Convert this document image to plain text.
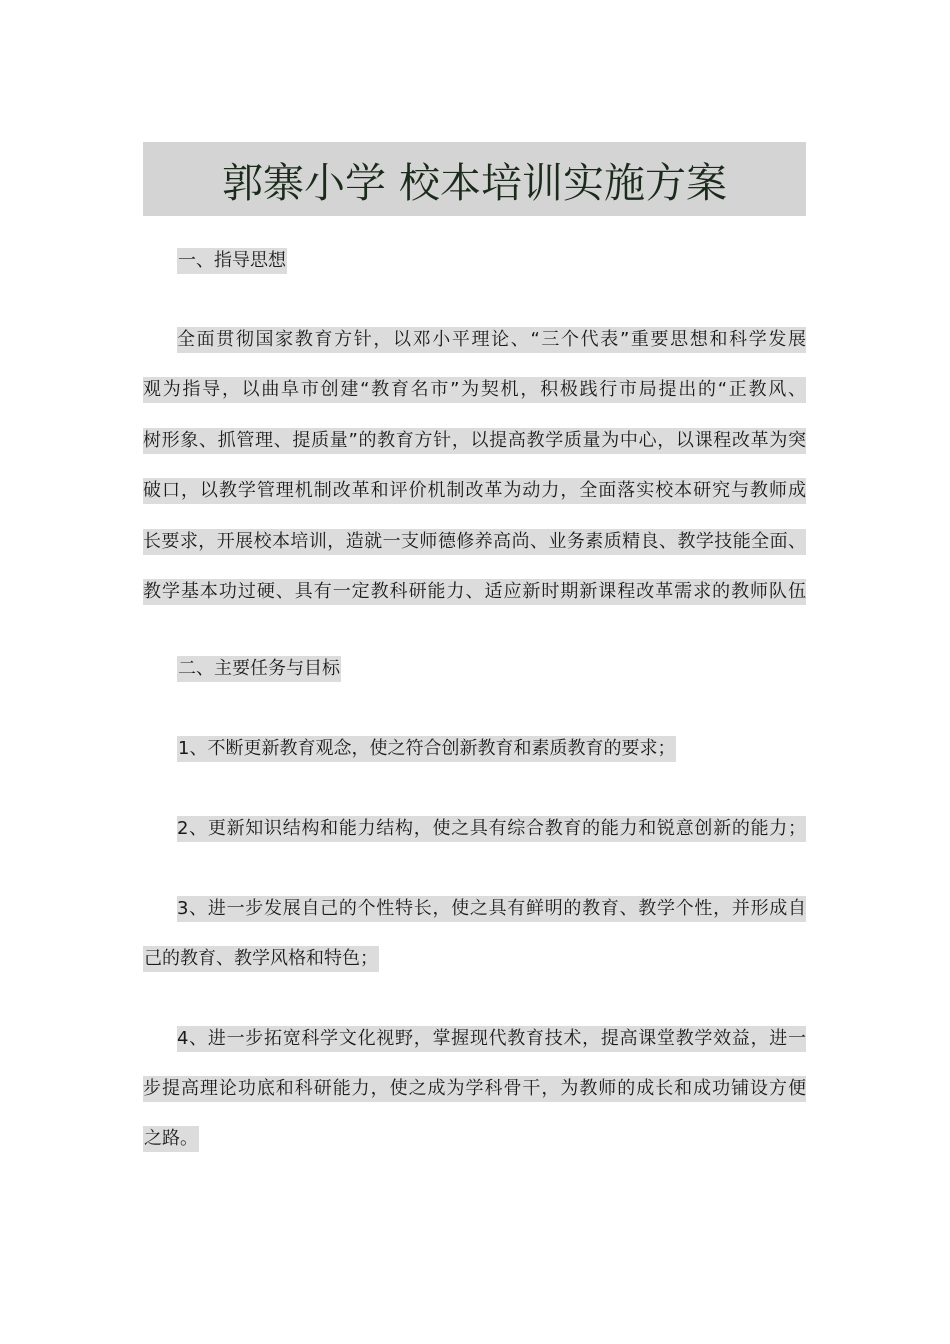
郭寨小学 校本培训实施方案
一、指导思想
全面贯彻国家教育方针，以邓小平理论、“三个代表”重要思想和科学发展
观为指导，以曲阜市创建“教育名市”为契机，积极践行市局提出的“正教风、
树形象、抓管理、提质量”的教育方针，以提高教学质量为中心，以课程改革为突
破口，以教学管理机制改革和评价机制改革为动力，全面落实校本研究与教师成
长要求，开展校本培训，造就一支师德修养高尚、业务素质精良、教学技能全面、
教学基本功过硬、具有一定教科研能力、适应新时期新课程改革需求的教师队伍
二、主要任务与目标
1、不断更新教育观念，使之符合创新教育和素质教育的要求；
2、更新知识结构和能力结构，使之具有综合教育的能力和锐意创新的能力；
3、进一步发展自己的个性特长，使之具有鲜明的教育、教学个性，并形成自
己的教育、教学风格和特色；
4、进一步拓宽科学文化视野，掌握现代教育技术，提高课堂教学效益，进一
步提高理论功底和科研能力，使之成为学科骨干，为教师的成长和成功铺设方便
之路。
